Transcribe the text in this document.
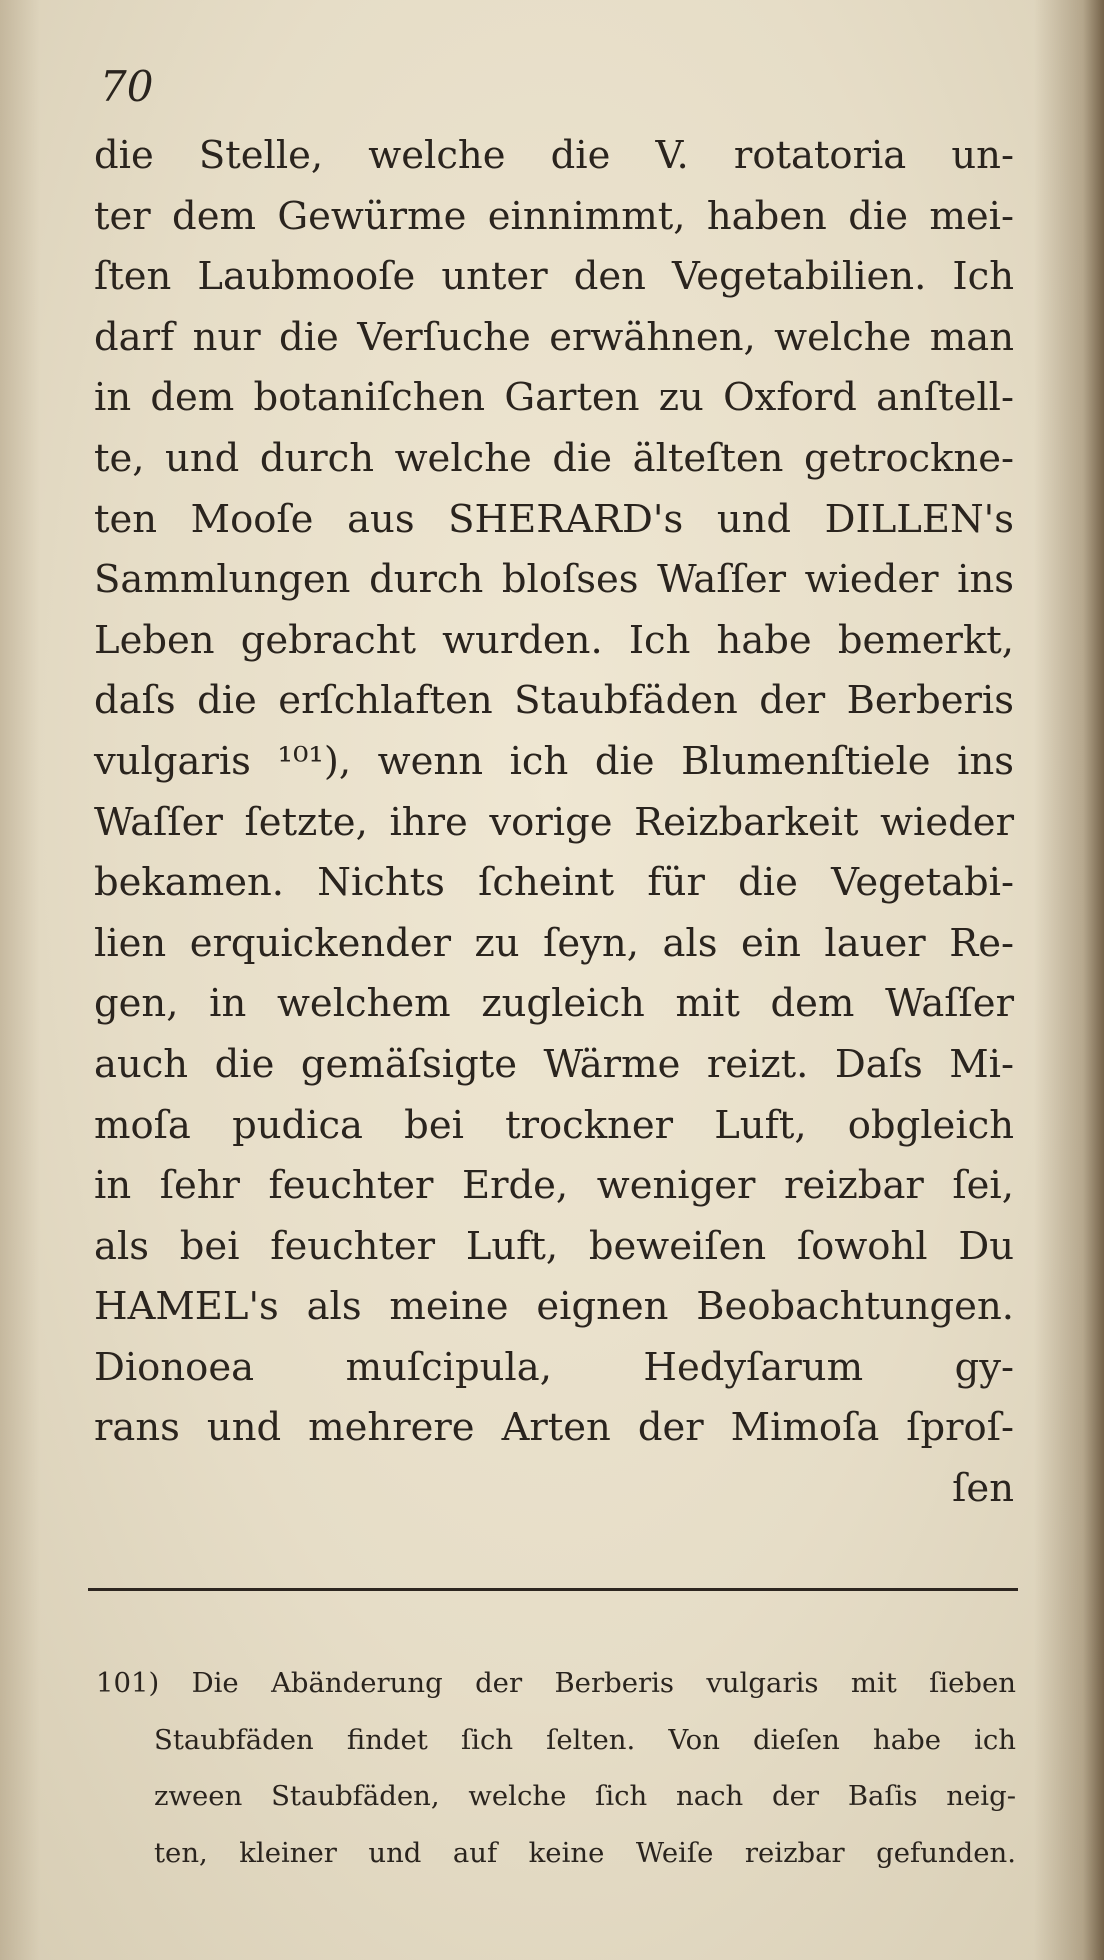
70
die Stelle, welche die V. rotatoria un-
ter dem Gewürme einnimmt, haben die mei-
ſten Laubmooſe unter den Vegetabilien. Ich
darf nur die Verſuche erwähnen, welche man
in dem botaniſchen Garten zu Oxford anſtell-
te, und durch welche die älteſten getrockne-
ten Mooſe aus SHERARD's und DILLEN's
Sammlungen durch bloſses Waſſer wieder ins
Leben gebracht wurden. Ich habe bemerkt,
daſs die erſchlaften Staubfäden der Berberis
vulgaris ¹⁰¹), wenn ich die Blumenſtiele ins
Waſſer ſetzte, ihre vorige Reizbarkeit wieder
bekamen. Nichts ſcheint für die Vegetabi-
lien erquickender zu ſeyn, als ein lauer Re-
gen, in welchem zugleich mit dem Waſſer
auch die gemäſsigte Wärme reizt. Daſs Mi-
moſa pudica bei trockner Luft, obgleich
in ſehr feuchter Erde, weniger reizbar ſei,
als bei feuchter Luft, beweiſen ſowohl Du
HAMEL's als meine eignen Beobachtungen.
Dionoea muſcipula, Hedyſarum gy-
rans und mehrere Arten der Mimoſa ſproſ-
ſen
101) Die Abänderung der Berberis vulgaris mit ſieben
Staubfäden findet ſich ſelten. Von dieſen habe ich
zween Staubfäden, welche ſich nach der Baſis neig-
ten, kleiner und auf keine Weiſe reizbar gefunden.
